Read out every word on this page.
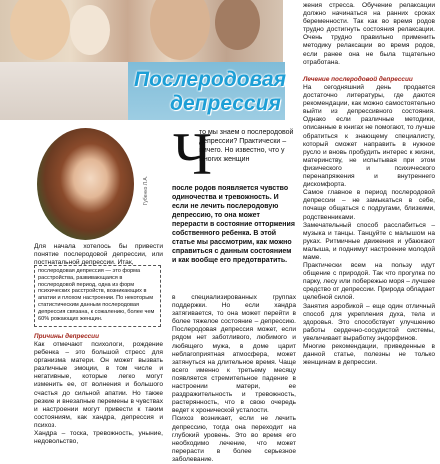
Послеродовая
депрессия
Губенко Л.А.
Ч
то мы знаем о послеродовой депрессии? Практически – ничего. Но известно, что у многих женщин
после родов появляется чувство одиночества и тревожность. И если не лечить послеродовую депрессию, то она может перерасти в состояние отторжения собственного ребенка. В этой статье мы рассмотрим, как можно справиться с данным состоянием и как вообще его предотвратить.

жения стресса. Обучение релаксации должно начинаться на ранних сроках беременности. Так как во время родов трудно достигнуть состояния релаксации. Очень трудно правильно применить методику релаксации во время родов, если ранее она не была тщательно отработана.

Лечение послеродовой депрессии

На сегодняшний день продается достаточно литературы, где даются рекомендации, как можно самостоятельно выйти из депрессивного состояния. Однако если различные методики, описанные в книгах не помогают, то лучше обратиться к знающему специалисту, который сможет направить в нужное русло и вновь пробудить интерес к жизни, материнству, не испытывая при этом физического и психического перенапряжения и внутреннего дискомфорта.

Самое главное в период послеродовой депрессии – не замыкаться в себе, почаще общаться с подругами, близкими, родственниками.

Замечательный способ расслабиться – музыка и танцы. Танцуйте с малышом на руках. Ритмичные движения и убаюкают малыша, и поднимут настроение молодой маме.

Практически всем на пользу идут общение с природой. Так что прогулка по парку, лесу или побережью моря – лучшее средство от депрессии. Природа обладает целебной силой.

Занятия аэробикой – еще один отличный способ для укрепления духа, тела и здоровья. Это способствует улучшению работы сердечно-сосудистой системы, увеличивает выработку эндорфинов.

Многие рекомендации, приведенные в данной статье, полезны не только женщинам в депрессии.

Для начала хотелось бы привести понятие послеродовой депрессии, или постнатальной депрессии. Итак,

послеродовая депрессия — это форма расстройства, развивающаяся в послеродовой период, одна из форм психических расстройств, возникающих в апатии и плохом настроении. По некоторым статистическим данным послеродовая депрессия связана, к сожалению, более чем 60% рожающих женщин.

Причины депрессии

Как отмечают психологи, рождение ребенка – это большой стресс для организма матери. Он может вызвать различные эмоции, в том числе и негативные, которые легко могут изменить ее, от волнения и большого счастья до сильной апатии. Но также резкие и внезапные перемены в чувствах и настроении могут привести к таким состояниям, как хандра, депрессия и психоз.

Хандра – тоска, тревожность, уныние, недовольство,

в специализированных группах поддержки. Но если хандра затягивается, то она может перейти в более тяжелое состояние – депрессию. Послеродовая депрессия может, если рядом нет заботливого, любимого и любящего мужа, в доме царит неблагоприятная атмосфера, может затянуться на длительное время. Чаще всего именно к третьему месяцу появляется стремительное падение в настроении матери, ее раздражительность и тревожность, растерянность, что в свою очередь ведет к хронической усталости.

Психоз возникает, если не лечить депрессию, тогда она переходит на глубокий уровень. Это во время его необходимо лечение, что может перерасти в более серьезное заболевание.
